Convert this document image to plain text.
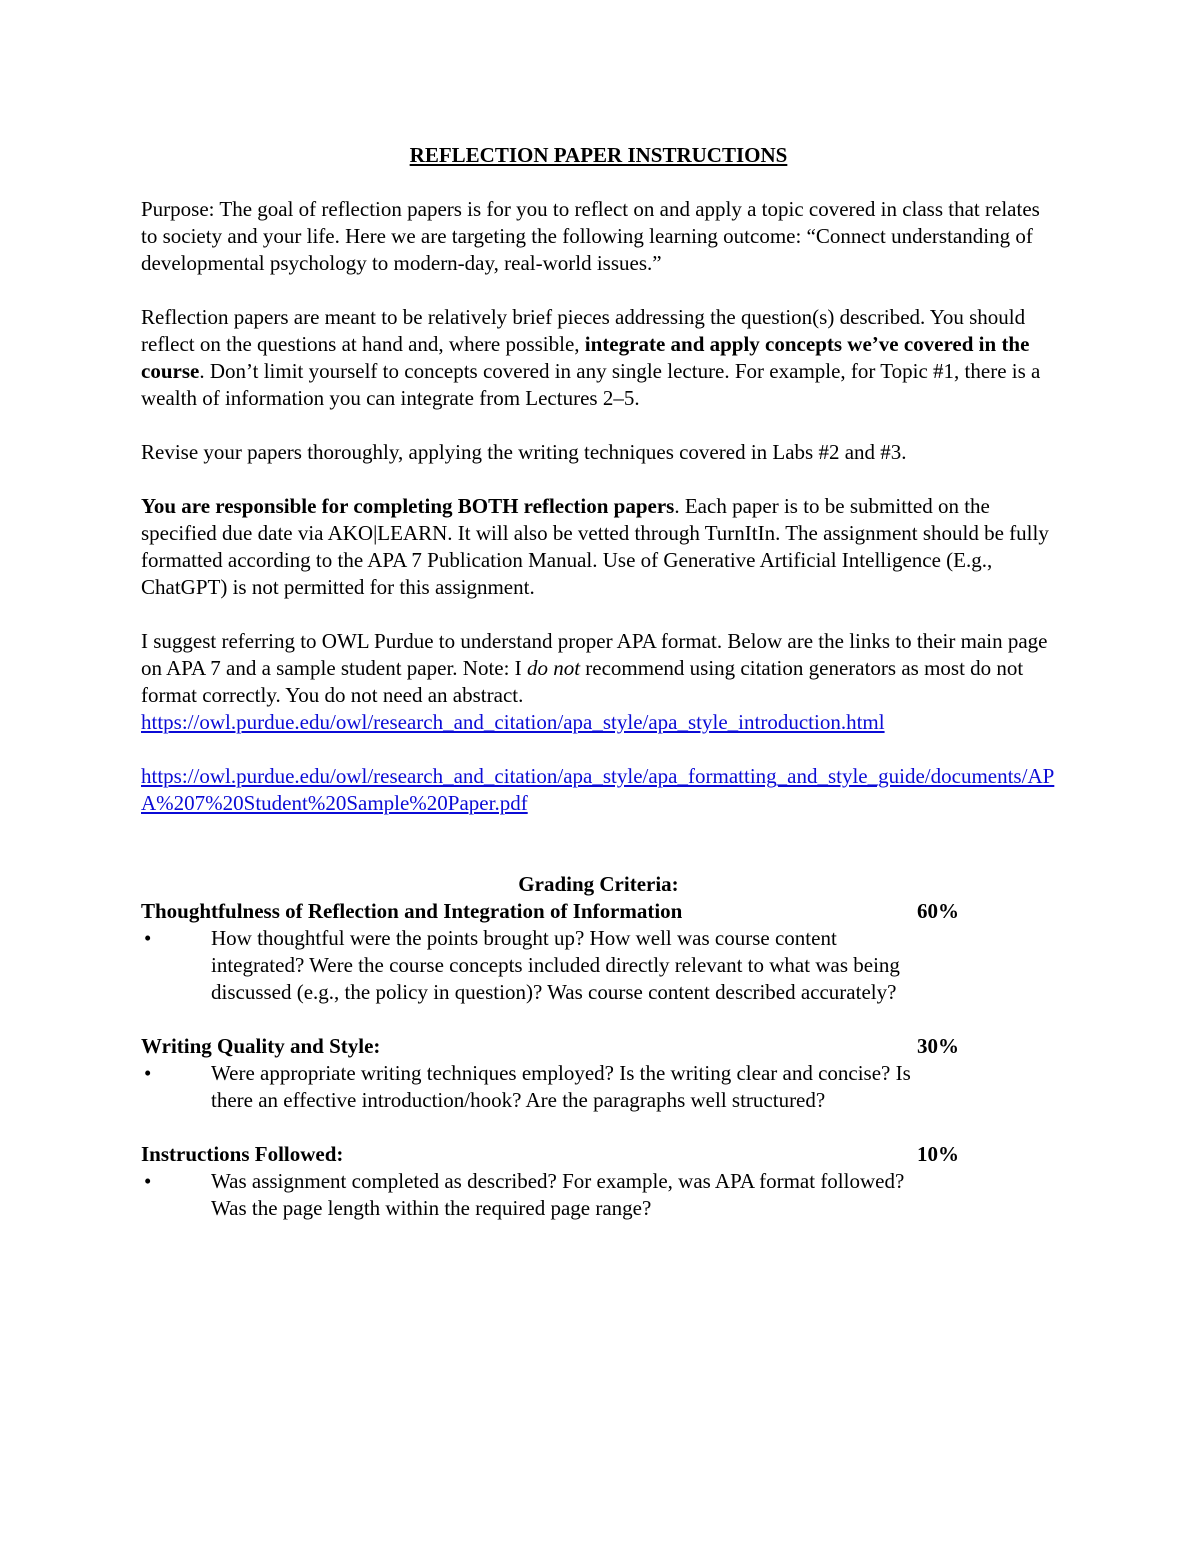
REFLECTION PAPER INSTRUCTIONS

Purpose: The goal of reflection papers is for you to reflect on and apply a topic covered in class that relates to society and your life. Here we are targeting the following learning outcome: “Connect understanding of developmental psychology to modern-day, real-world issues.”

Reflection papers are meant to be relatively brief pieces addressing the question(s) described. You should reflect on the questions at hand and, where possible, integrate and apply concepts we’ve covered in the course. Don’t limit yourself to concepts covered in any single lecture. For example, for Topic #1, there is a wealth of information you can integrate from Lectures 2–5.

Revise your papers thoroughly, applying the writing techniques covered in Labs #2 and #3.

You are responsible for completing BOTH reflection papers. Each paper is to be submitted on the specified due date via AKO|LEARN. It will also be vetted through TurnItIn. The assignment should be fully formatted according to the APA 7 Publication Manual. Use of Generative Artificial Intelligence (E.g., ChatGPT) is not permitted for this assignment.

I suggest referring to OWL Purdue to understand proper APA format. Below are the links to their main page on APA 7 and a sample student paper. Note: I do not recommend using citation generators as most do not format correctly. You do not need an abstract.
https://owl.purdue.edu/owl/research_and_citation/apa_style/apa_style_introduction.html
https://owl.purdue.edu/owl/research_and_citation/apa_style/apa_formatting_and_style_guide/documents/APA%207%20Student%20Sample%20Paper.pdf
Grading Criteria:
Thoughtfulness of Reflection and Integration of Information	60%
• How thoughtful were the points brought up? How well was course content integrated? Were the course concepts included directly relevant to what was being discussed (e.g., the policy in question)? Was course content described accurately?
Writing Quality and Style:	30%
• Were appropriate writing techniques employed? Is the writing clear and concise? Is there an effective introduction/hook? Are the paragraphs well structured?
Instructions Followed:	10%
• Was assignment completed as described? For example, was APA format followed? Was the page length within the required page range?
